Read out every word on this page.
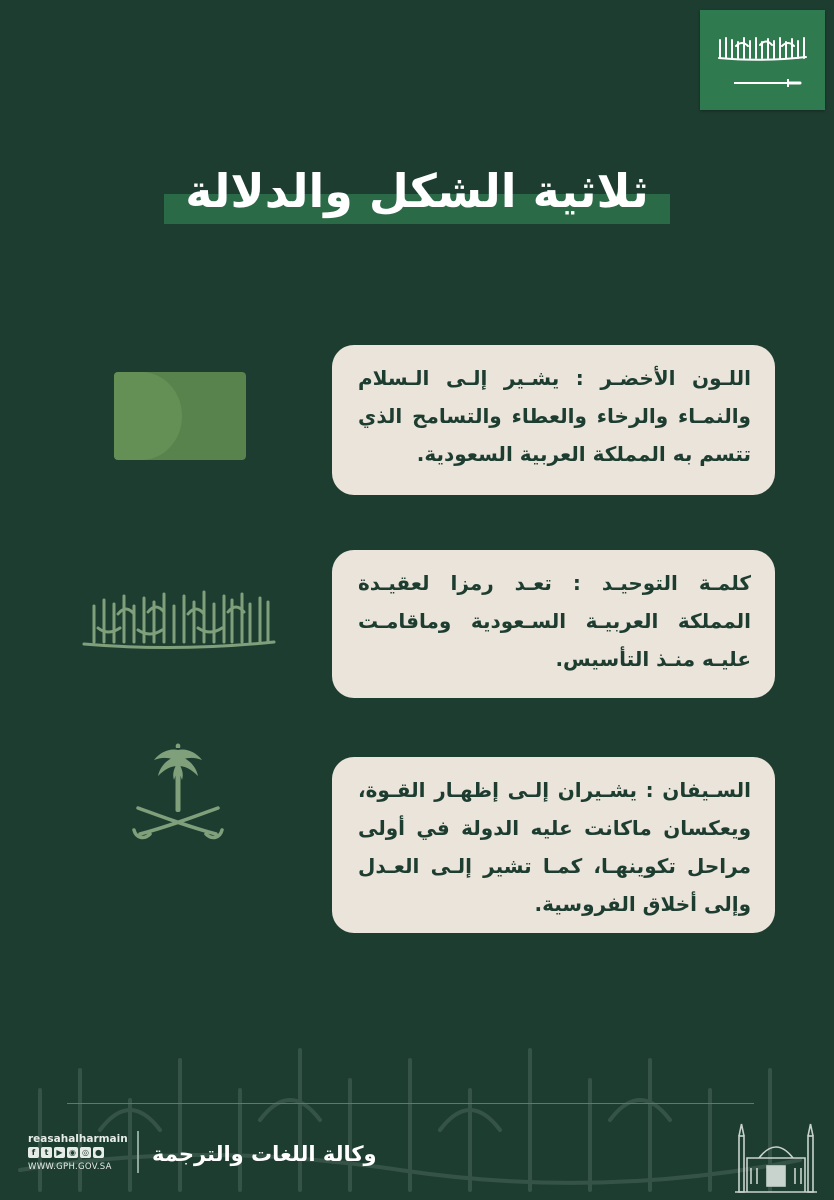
ثلاثية الشكل والدلالة
اللـون الأخضـر : يشـير إلـى الـسلام والنمـاء والرخاء والعطاء والتسامح الذي تتسم به المملكة العربية السعودية.
كلمـة التوحيـد : تعـد رمزا لعقيـدة المملكة العربيـة السـعودية وماقامـت عليـه منـذ التأسيس.
السـيفان : يشـيران إلـى إظهـار القـوة، ويعكسان ماكانت عليه الدولة في أولى مراحل تكوينهـا، كمـا تشير إلـى العـدل وإلى أخلاق الفروسية.
reasahalharmain
f	t	▶ ◉ ◎ ●
WWW.GPH.GOV.SA
وكالة اللغات والترجمة
